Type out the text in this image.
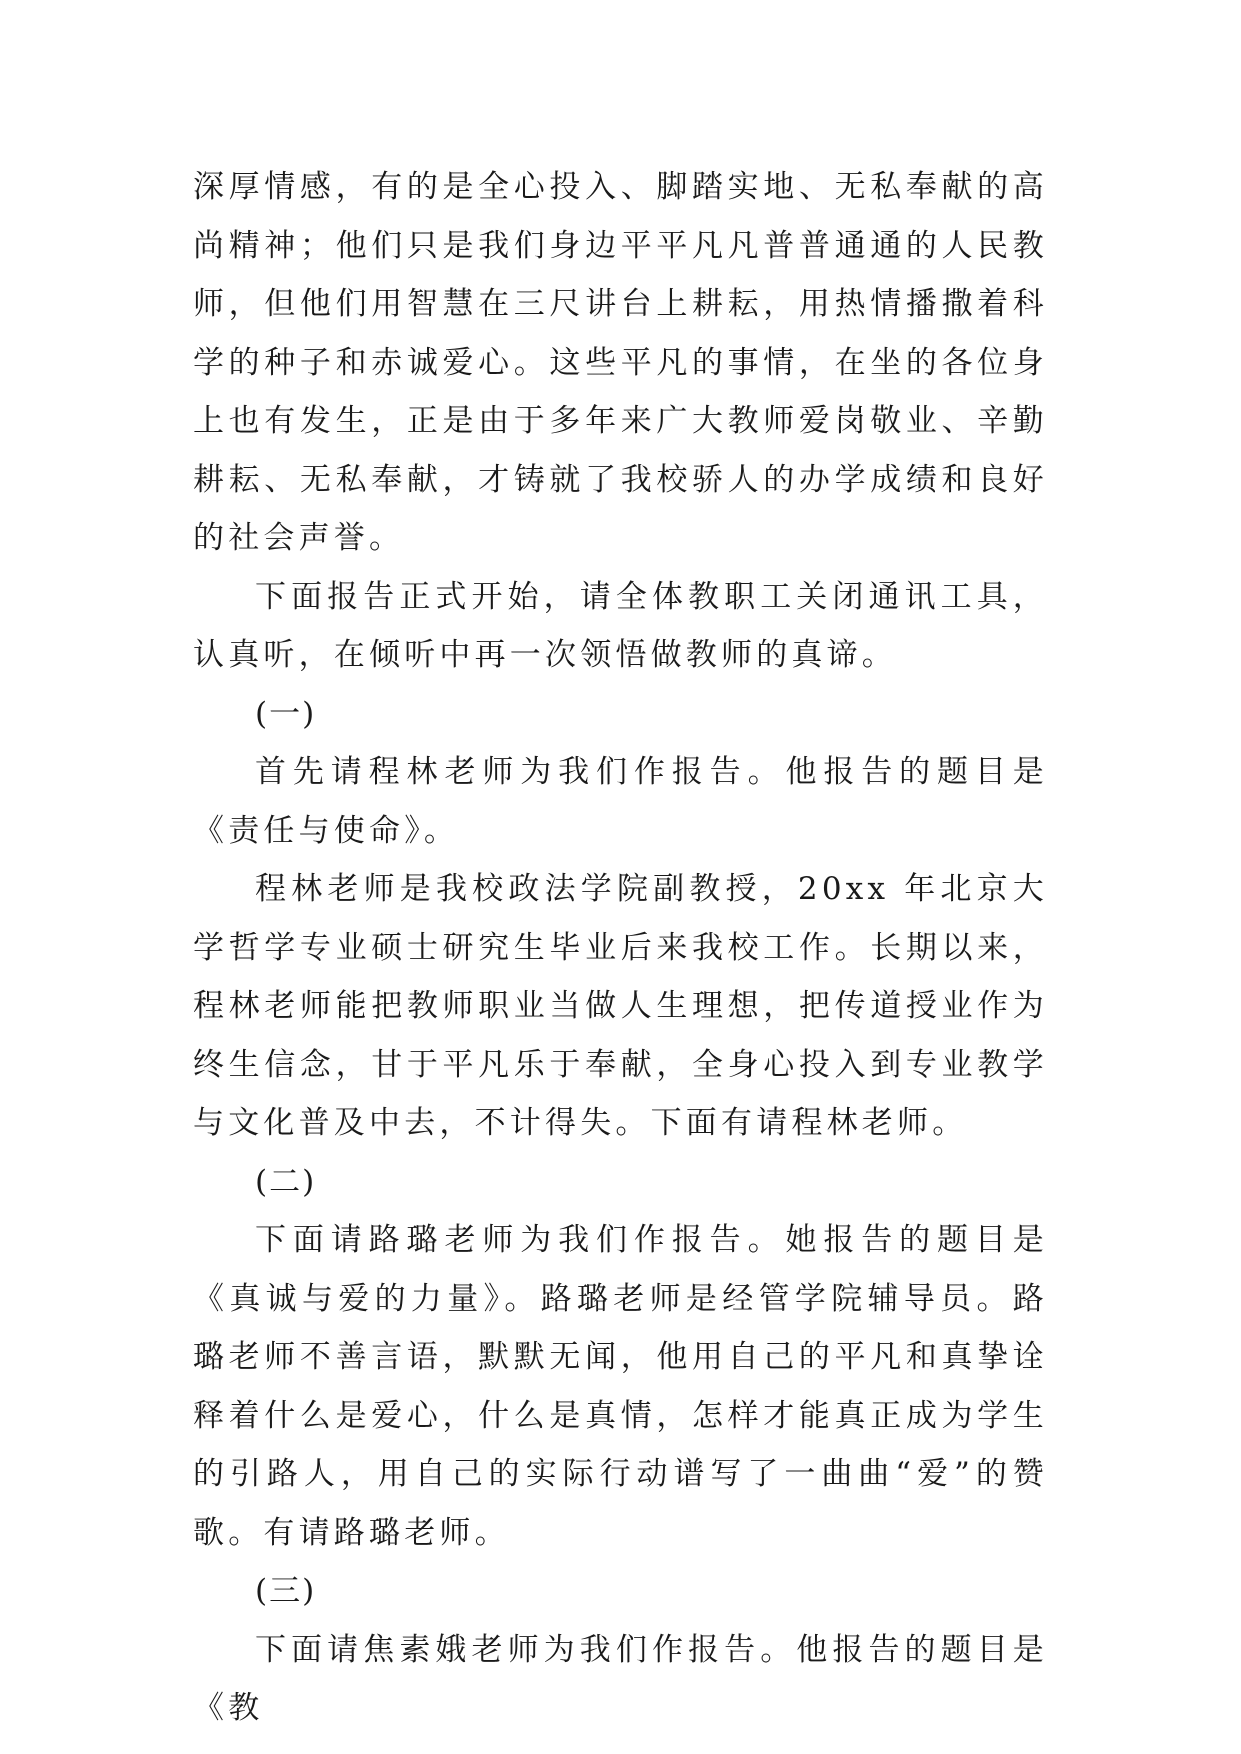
深厚情感，有的是全心投入、脚踏实地、无私奉献的高尚精神；他们只是我们身边平平凡凡普普通通的人民教师，但他们用智慧在三尺讲台上耕耘，用热情播撒着科学的种子和赤诚爱心。这些平凡的事情，在坐的各位身上也有发生，正是由于多年来广大教师爱岗敬业、辛勤耕耘、无私奉献，才铸就了我校骄人的办学成绩和良好的社会声誉。

下面报告正式开始，请全体教职工关闭通讯工具，认真听，在倾听中再一次领悟做教师的真谛。

(一)

首先请程林老师为我们作报告。他报告的题目是《责任与使命》。

程林老师是我校政法学院副教授，20xx 年北京大学哲学专业硕士研究生毕业后来我校工作。长期以来，程林老师能把教师职业当做人生理想，把传道授业作为终生信念，甘于平凡乐于奉献，全身心投入到专业教学与文化普及中去，不计得失。下面有请程林老师。

(二)

下面请路璐老师为我们作报告。她报告的题目是《真诚与爱的力量》。路璐老师是经管学院辅导员。路璐老师不善言语，默默无闻，他用自己的平凡和真挚诠释着什么是爱心，什么是真情，怎样才能真正成为学生的引路人，用自己的实际行动谱写了一曲曲“爱”的赞歌。有请路璐老师。

(三)

下面请焦素娥老师为我们作报告。他报告的题目是《教
